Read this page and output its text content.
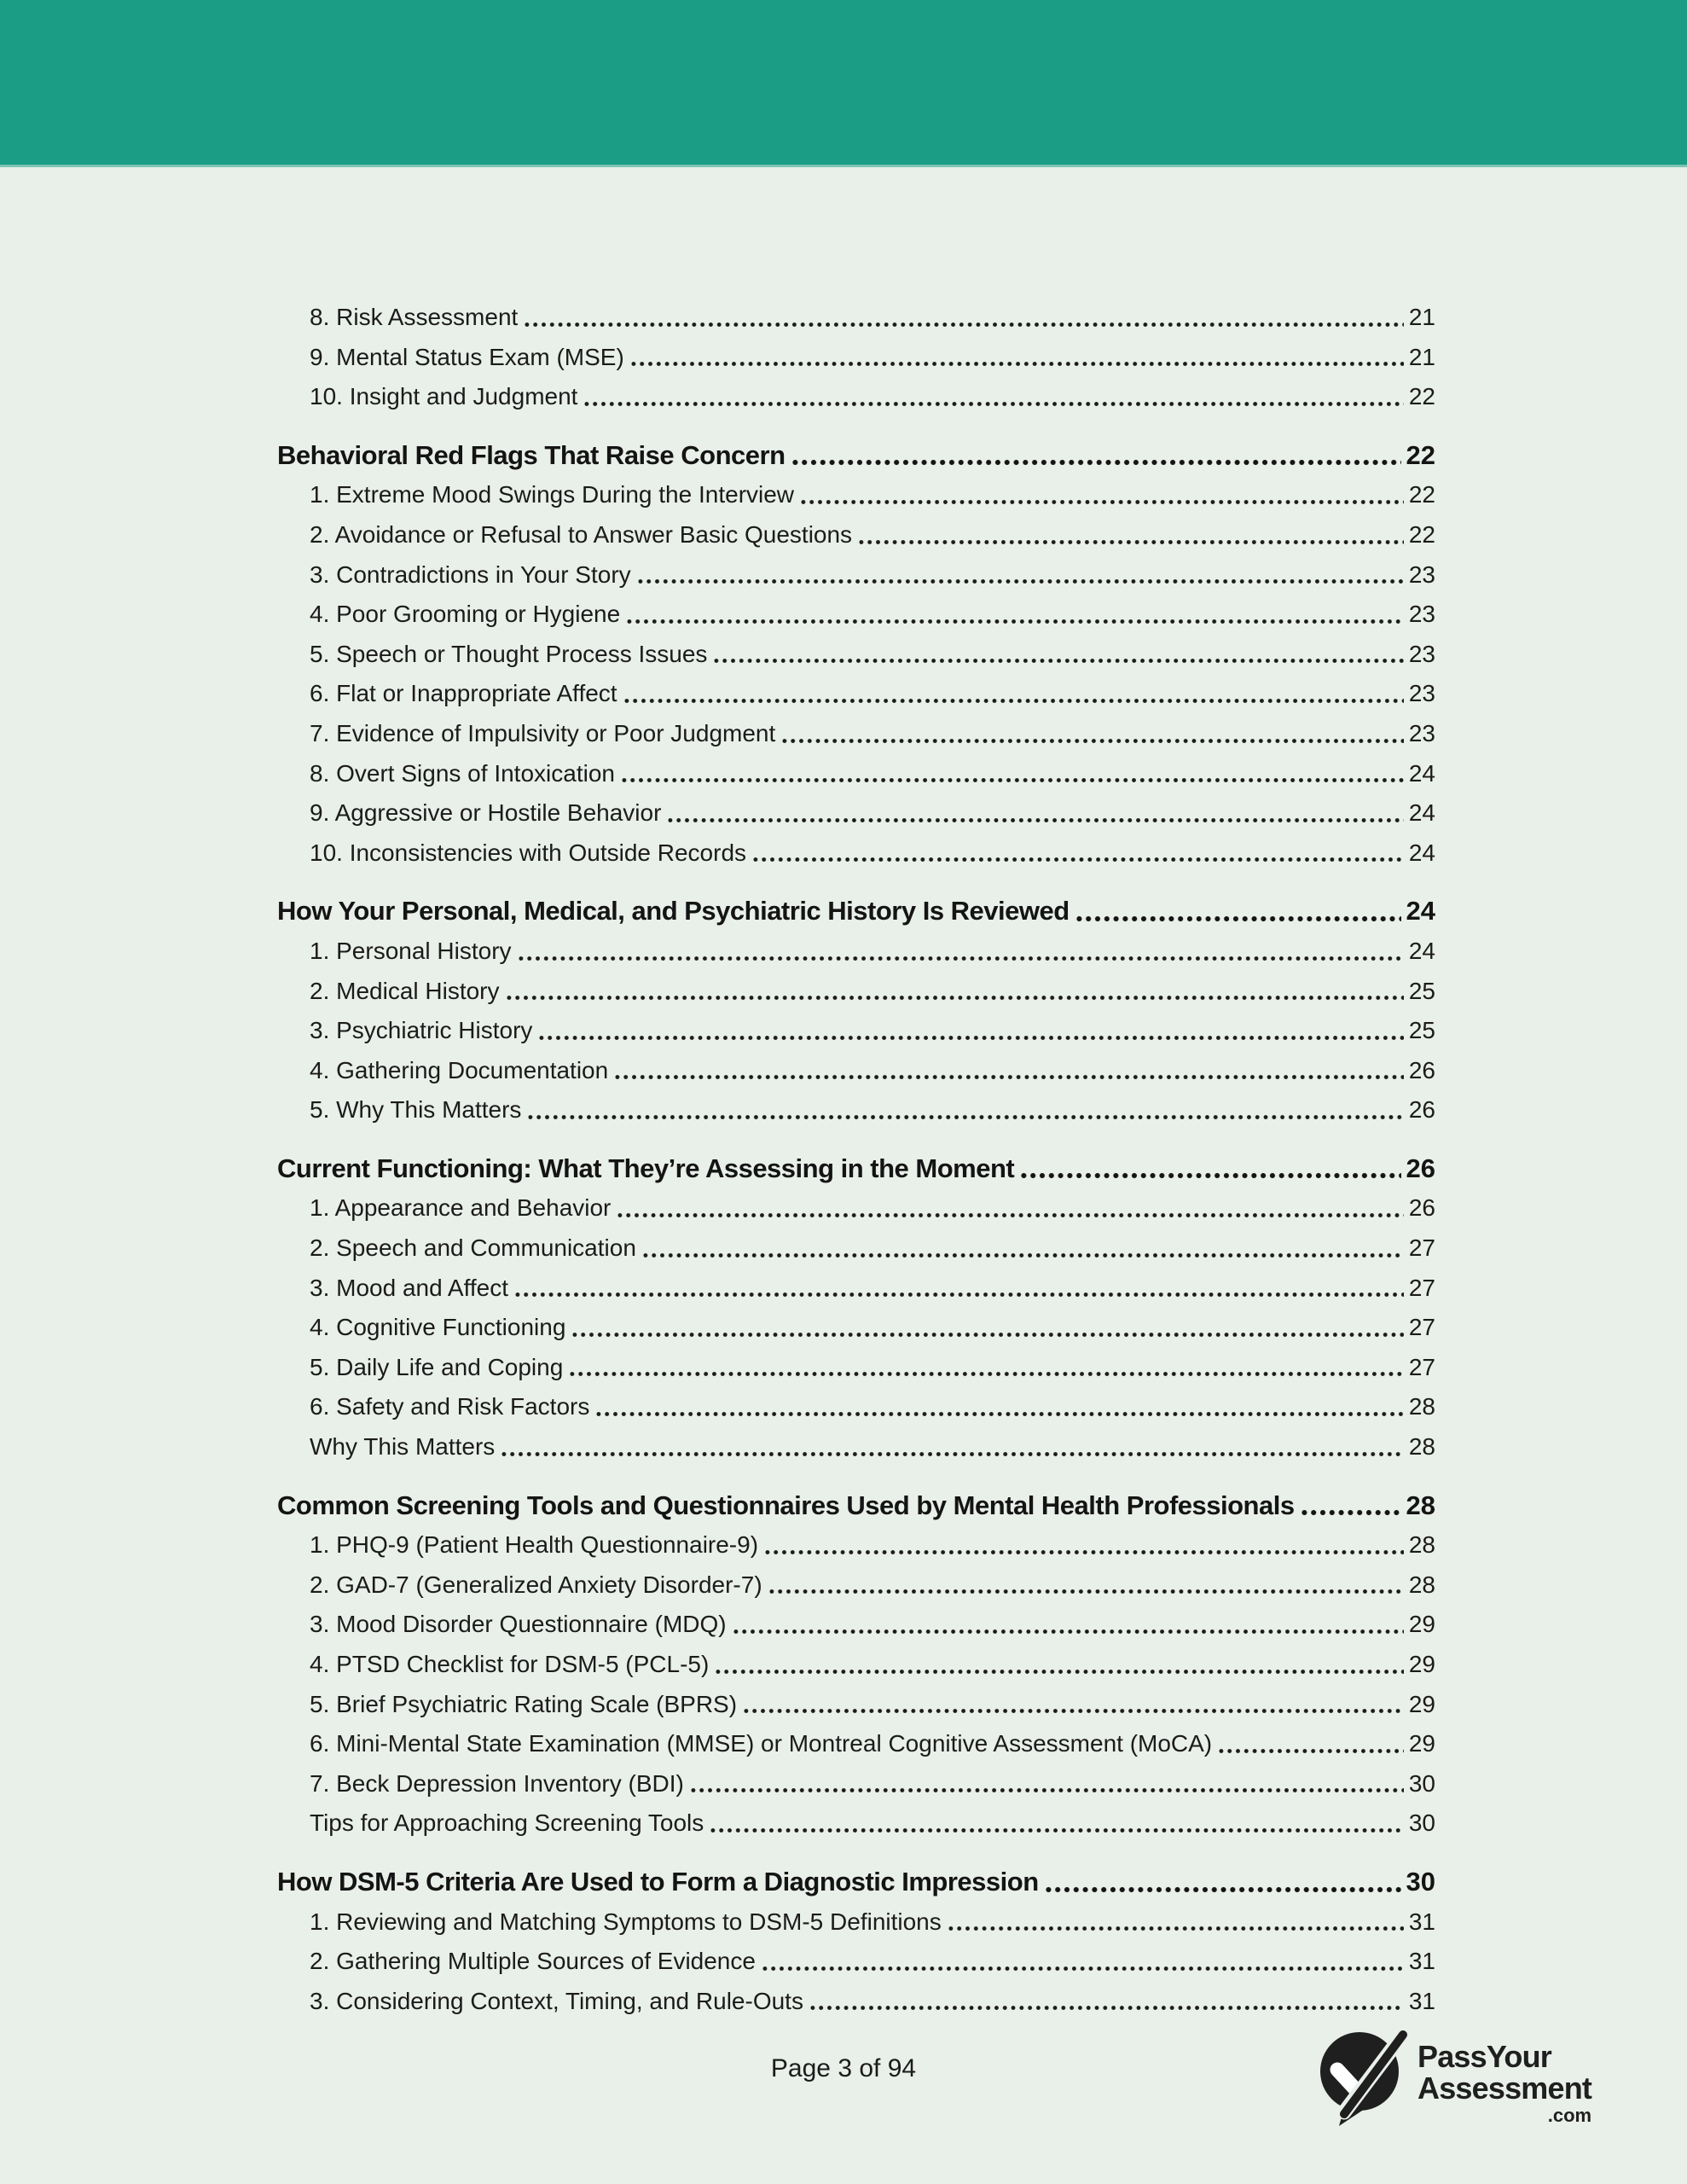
8. Risk Assessment	21
9. Mental Status Exam (MSE)	21
10. Insight and Judgment	22
Behavioral Red Flags That Raise Concern	22
1. Extreme Mood Swings During the Interview	22
2. Avoidance or Refusal to Answer Basic Questions	22
3. Contradictions in Your Story	23
4. Poor Grooming or Hygiene	23
5. Speech or Thought Process Issues	23
6. Flat or Inappropriate Affect	23
7. Evidence of Impulsivity or Poor Judgment	23
8. Overt Signs of Intoxication	24
9. Aggressive or Hostile Behavior	24
10. Inconsistencies with Outside Records	24
How Your Personal, Medical, and Psychiatric History Is Reviewed	24
1. Personal History	24
2. Medical History	25
3. Psychiatric History	25
4. Gathering Documentation	26
5. Why This Matters	26
Current Functioning: What They’re Assessing in the Moment	26
1. Appearance and Behavior	26
2. Speech and Communication	27
3. Mood and Affect	27
4. Cognitive Functioning	27
5. Daily Life and Coping	27
6. Safety and Risk Factors	28
Why This Matters	28
Common Screening Tools and Questionnaires Used by Mental Health Professionals	28
1. PHQ-9 (Patient Health Questionnaire-9)	28
2. GAD-7 (Generalized Anxiety Disorder-7)	28
3. Mood Disorder Questionnaire (MDQ)	29
4. PTSD Checklist for DSM-5 (PCL-5)	29
5. Brief Psychiatric Rating Scale (BPRS)	29
6. Mini-Mental State Examination (MMSE) or Montreal Cognitive Assessment (MoCA)	29
7. Beck Depression Inventory (BDI)	30
Tips for Approaching Screening Tools	30
How DSM-5 Criteria Are Used to Form a Diagnostic Impression	30
1. Reviewing and Matching Symptoms to DSM-5 Definitions	31
2. Gathering Multiple Sources of Evidence	31
3. Considering Context, Timing, and Rule-Outs	31
Page 3 of 94	PassYour
Assessment
.com
